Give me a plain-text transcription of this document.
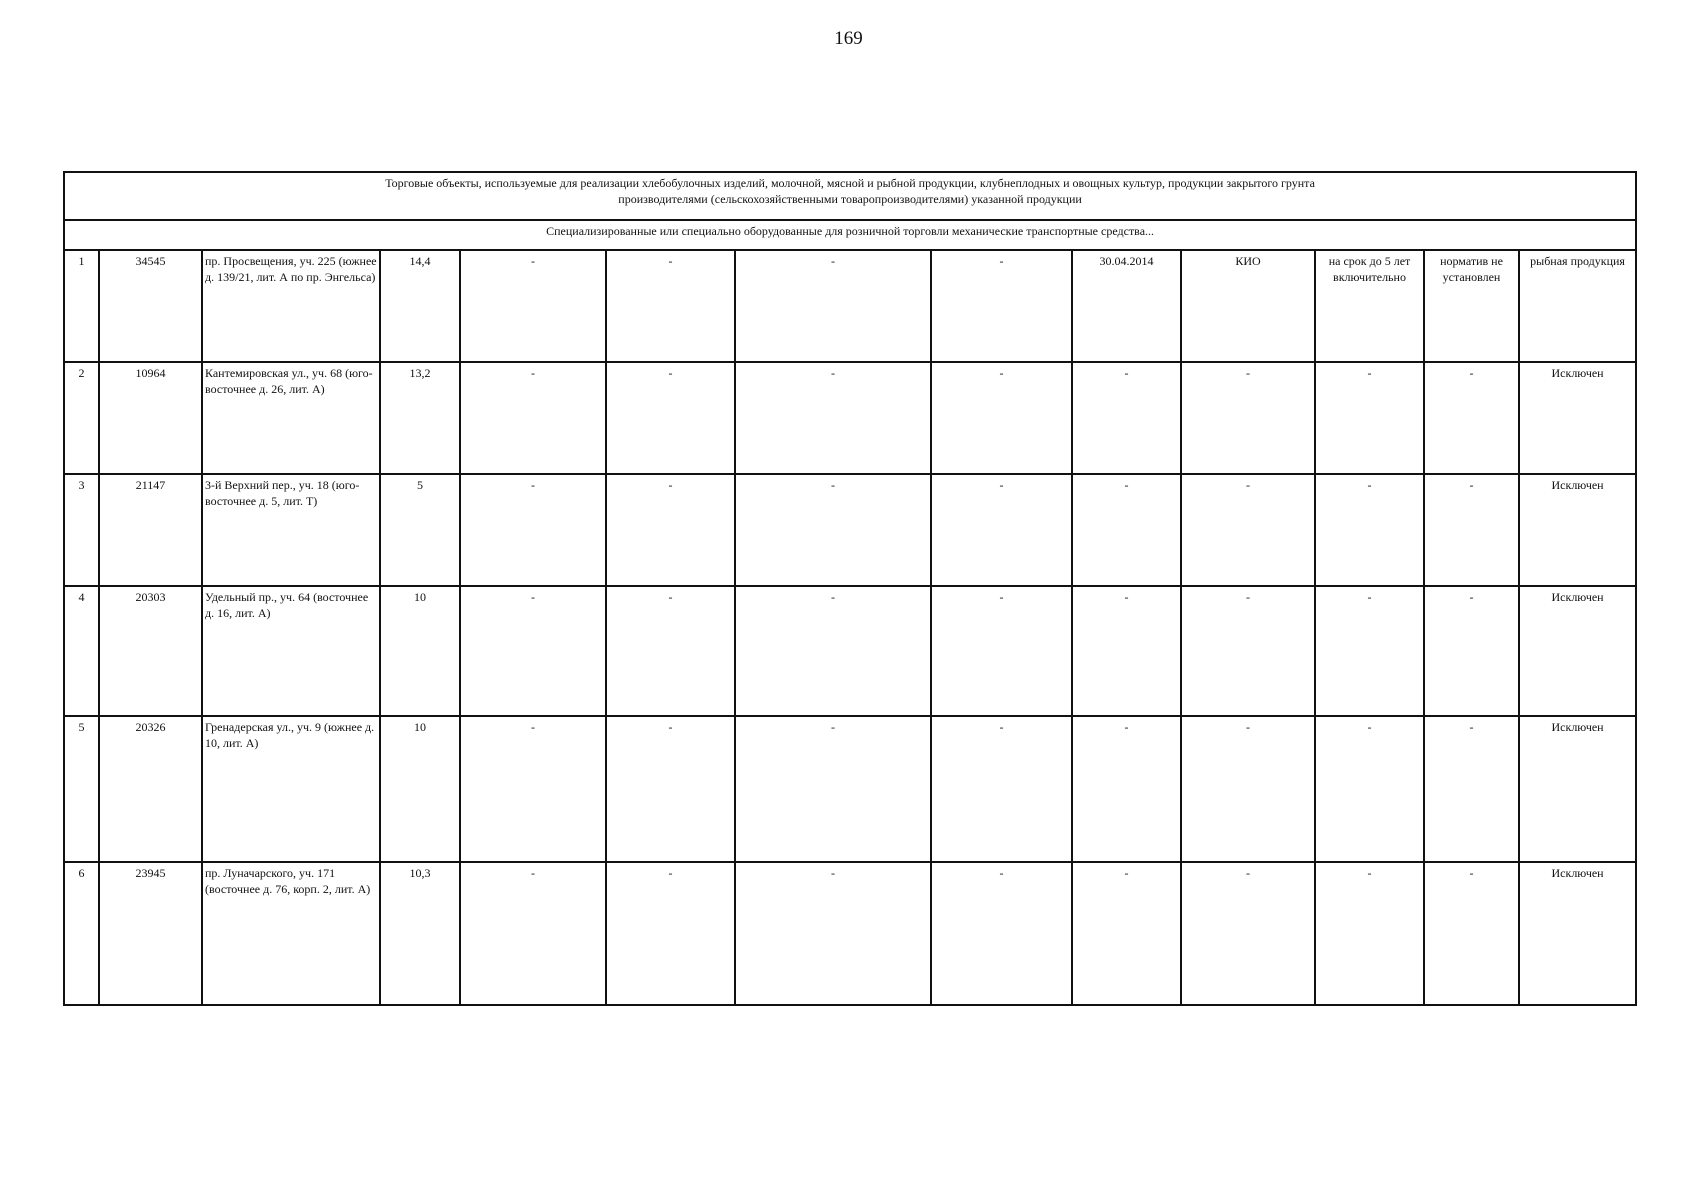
169
Торговые объекты, используемые для реализации хлебобулочных изделий, молочной, мясной и рыбной продукции, клубнеплодных и овощных культур, продукции закрытого грунта
производителями (сельскохозяйственными товаропроизводителями) указанной продукции												

Специализированные или специально оборудованные для розничной торговли механические транспортные средства...												
1	34545	пр. Просвещения, уч. 225 (южнее д. 139/21, лит. А по пр. Энгельса)	14,4	-	-	-	-	30.04.2014	КИО	на срок до 5 лет включительно	норматив не установлен	рыбная продукция
2	10964	Кантемировская ул., уч. 68 (юго-восточнее д. 26, лит. А)	13,2	-	-	-	-	-	-	-	-	Исключен
3	21147	3-й Верхний пер., уч. 18 (юго-восточнее д. 5, лит. Т)	5	-	-	-	-	-	-	-	-	Исключен
4	20303	Удельный пр., уч. 64 (восточнее д. 16, лит. А)	10	-	-	-	-	-	-	-	-	Исключен
5	20326	Гренадерская ул., уч. 9 (южнее д. 10, лит. А)	10	-	-	-	-	-	-	-	-	Исключен
6	23945	пр. Луначарского, уч. 171 (восточнее д. 76, корп. 2, лит. А)	10,3	-	-	-	-	-	-	-	-	Исключен
